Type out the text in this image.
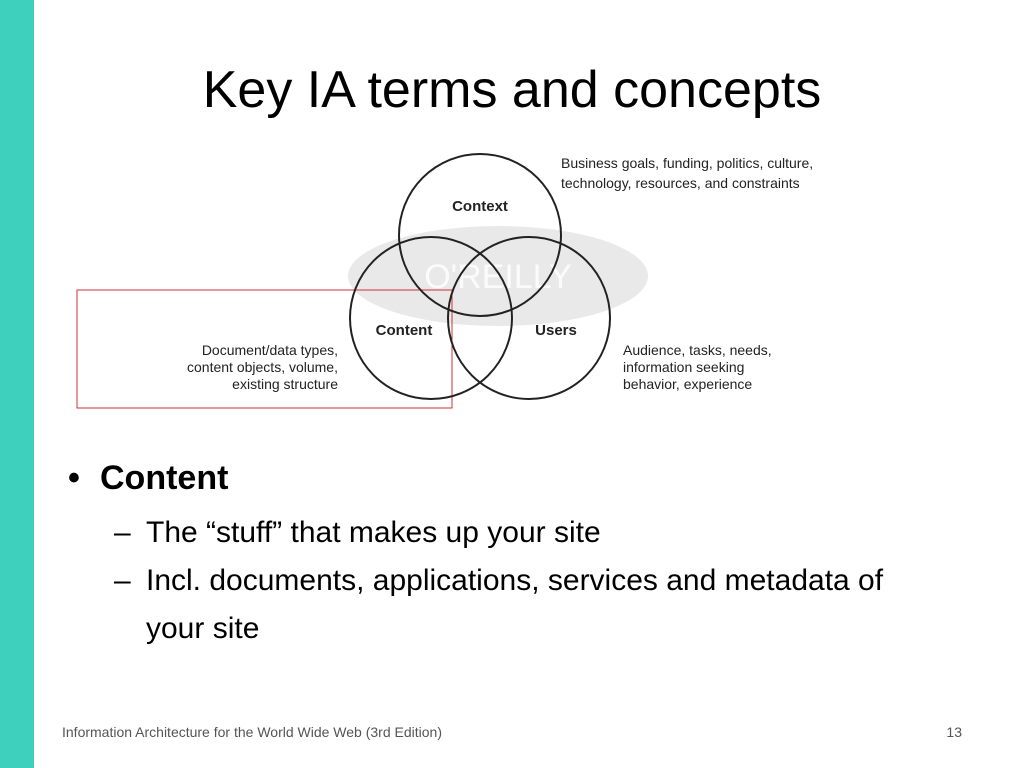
Key IA terms and concepts
O'REILLY
Context
Content	Users
Business goals, funding, politics, culture,
technology, resources, and constraints
Document/data types,
content objects, volume,
existing structure
Audience, tasks, needs,
information seeking
behavior, experience
• Content
– The “stuff” that makes up your site
– Incl. documents, applications, services and metadata of your site
Information Architecture for the World Wide Web (3rd Edition)	13
